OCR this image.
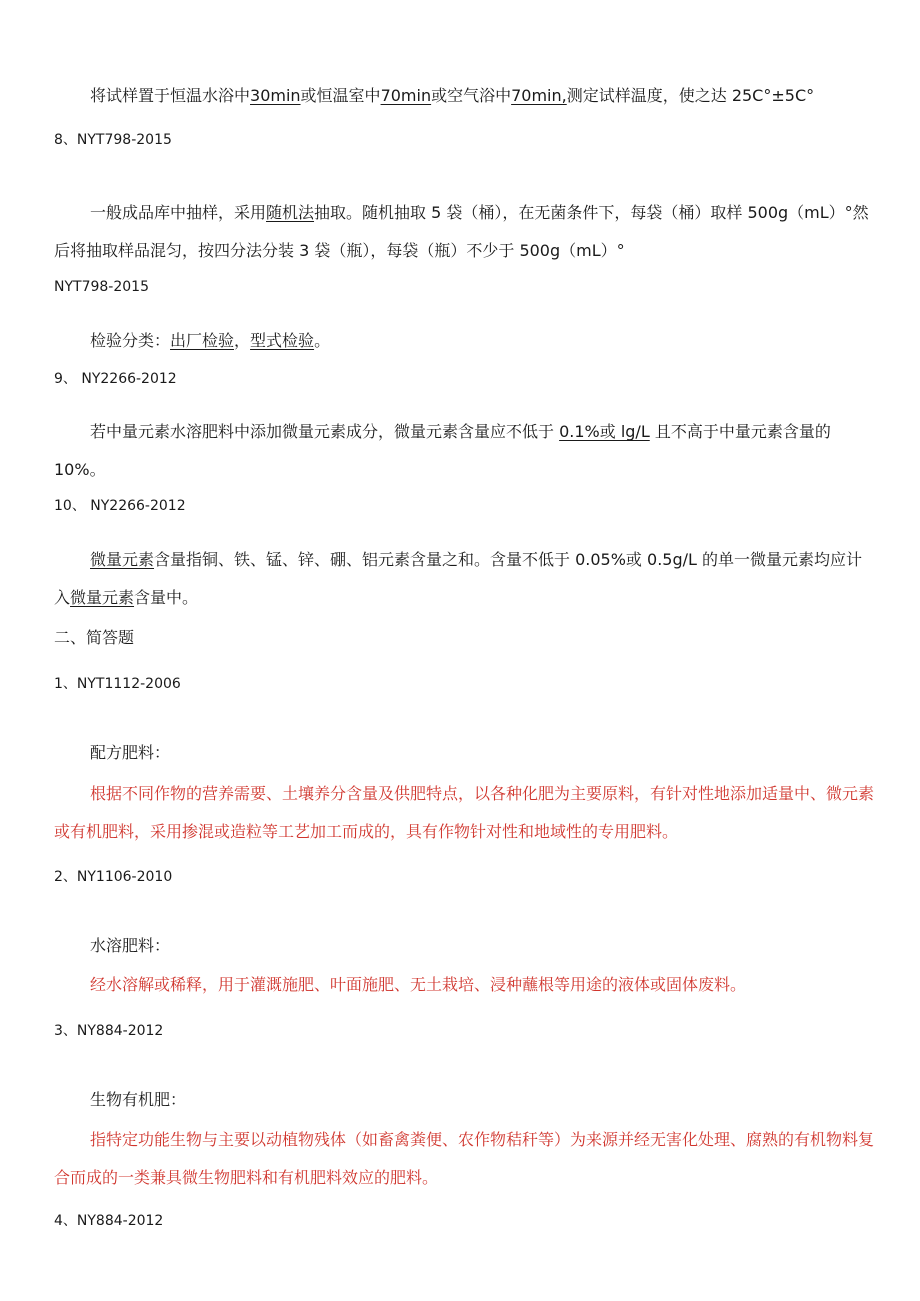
将试样置于恒温水浴中30min或恒温室中70min或空气浴中70min,测定试样温度，使之达 25C°±5C°
8、NYT798-2015
一般成品库中抽样，采用随机法抽取。随机抽取 5 袋（桶），在无菌条件下，每袋（桶）取样 500g（mL）°然后将抽取样品混匀，按四分法分装 3 袋（瓶），每袋（瓶）不少于 500g（mL）°
NYT798-2015
检验分类：出厂检验，型式检验。
9、 NY2266-2012
若中量元素水溶肥料中添加微量元素成分，微量元素含量应不低于 0.1%或 lg/L 且不高于中量元素含量的 10%。
10、 NY2266-2012
微量元素含量指铜、铁、锰、锌、硼、铝元素含量之和。含量不低于 0.05%或 0.5g∕L 的单一微量元素均应计入微量元素含量中。
二、简答题
1、NYT1112-2006
配方肥料：
根据不同作物的营养需要、土壤养分含量及供肥特点，以各种化肥为主要原料，有针对性地添加适量中、微元素或有机肥料，采用掺混或造粒等工艺加工而成的，具有作物针对性和地域性的专用肥料。
2、NY1106-2010
水溶肥料：
经水溶解或稀释，用于灌溉施肥、叶面施肥、无土栽培、浸种蘸根等用途的液体或固体废料。
3、NY884-2012
生物有机肥：
指特定功能生物与主要以动植物残体（如畜禽粪便、农作物秸秆等）为来源并经无害化处理、腐熟的有机物料复合而成的一类兼具微生物肥料和有机肥料效应的肥料。
4、NY884-2012
